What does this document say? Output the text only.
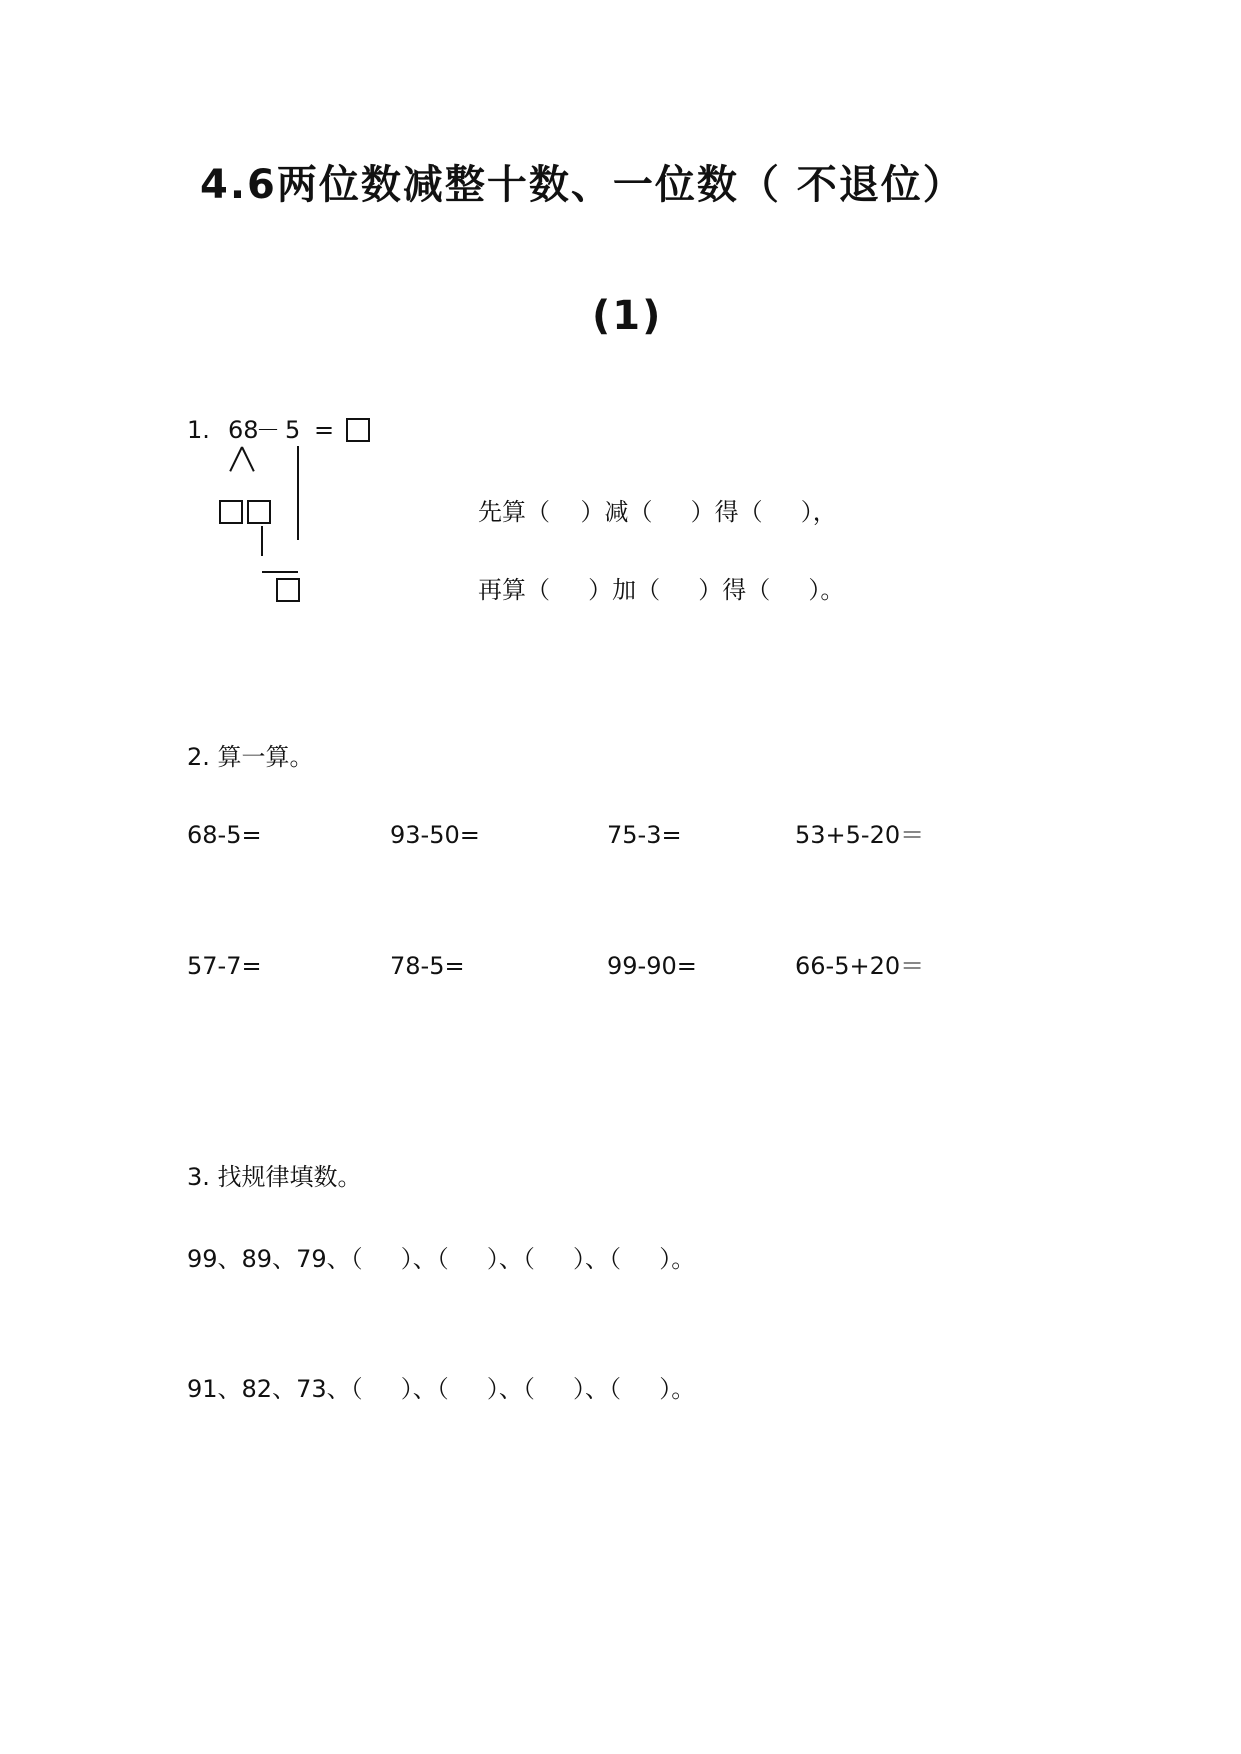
4.6两位数减整十数、一位数（ 不退位）
(1)
1. 68
－ 5 =
先算（    ）减（     ）得（     ），
再算（     ）加（     ）得（     ）。
2. 算一算。
68-5=	93-50=	75-3=	53+5-20＝
57-7=	78-5=	99-90=	66-5+20＝
3. 找规律填数。
99、89、79、（     ）、（     ）、（     ）、（     ）。
91、82、73、（     ）、（     ）、（     ）、（     ）。
